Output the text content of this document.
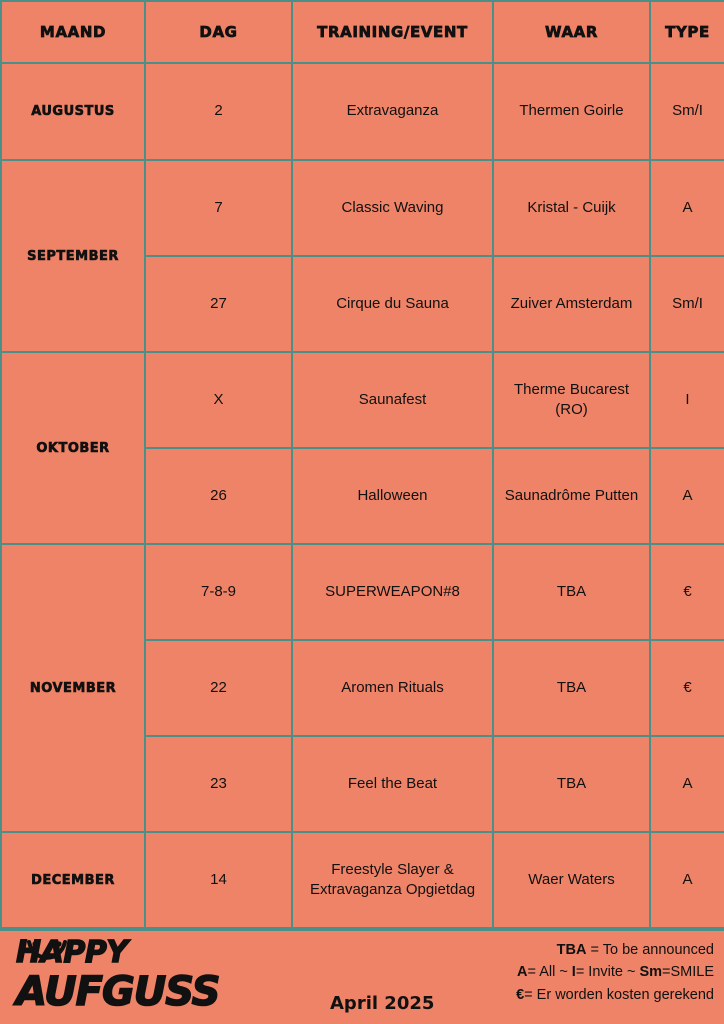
MAAND	DAG	TRAINING/EVENT	WAAR	TYPE
AUGUSTUS	2	Extravaganza	Thermen Goirle	Sm/I
SEPTEMBER	7	Classic Waving	Kristal - Cuijk	A
	27	Cirque du Sauna	Zuiver Amsterdam	Sm/I
OKTOBER	X	Saunafest	Therme Bucarest (RO)	I
	26	Halloween	Saunadrôme Putten	A
NOVEMBER	7-8-9	SUPERWEAPON#8	TBA	€
	22	Aromen Rituals	TBA	€
	23	Feel the Beat	TBA	A
DECEMBER	14	Freestyle Slayer & Extravaganza Opgietdag	Waer Waters	A
HAPPY
AUFGUSS	April 2025
TBA = To be announced
A= All ~ I= Invite ~ Sm=SMILE
€= Er worden kosten gerekend
